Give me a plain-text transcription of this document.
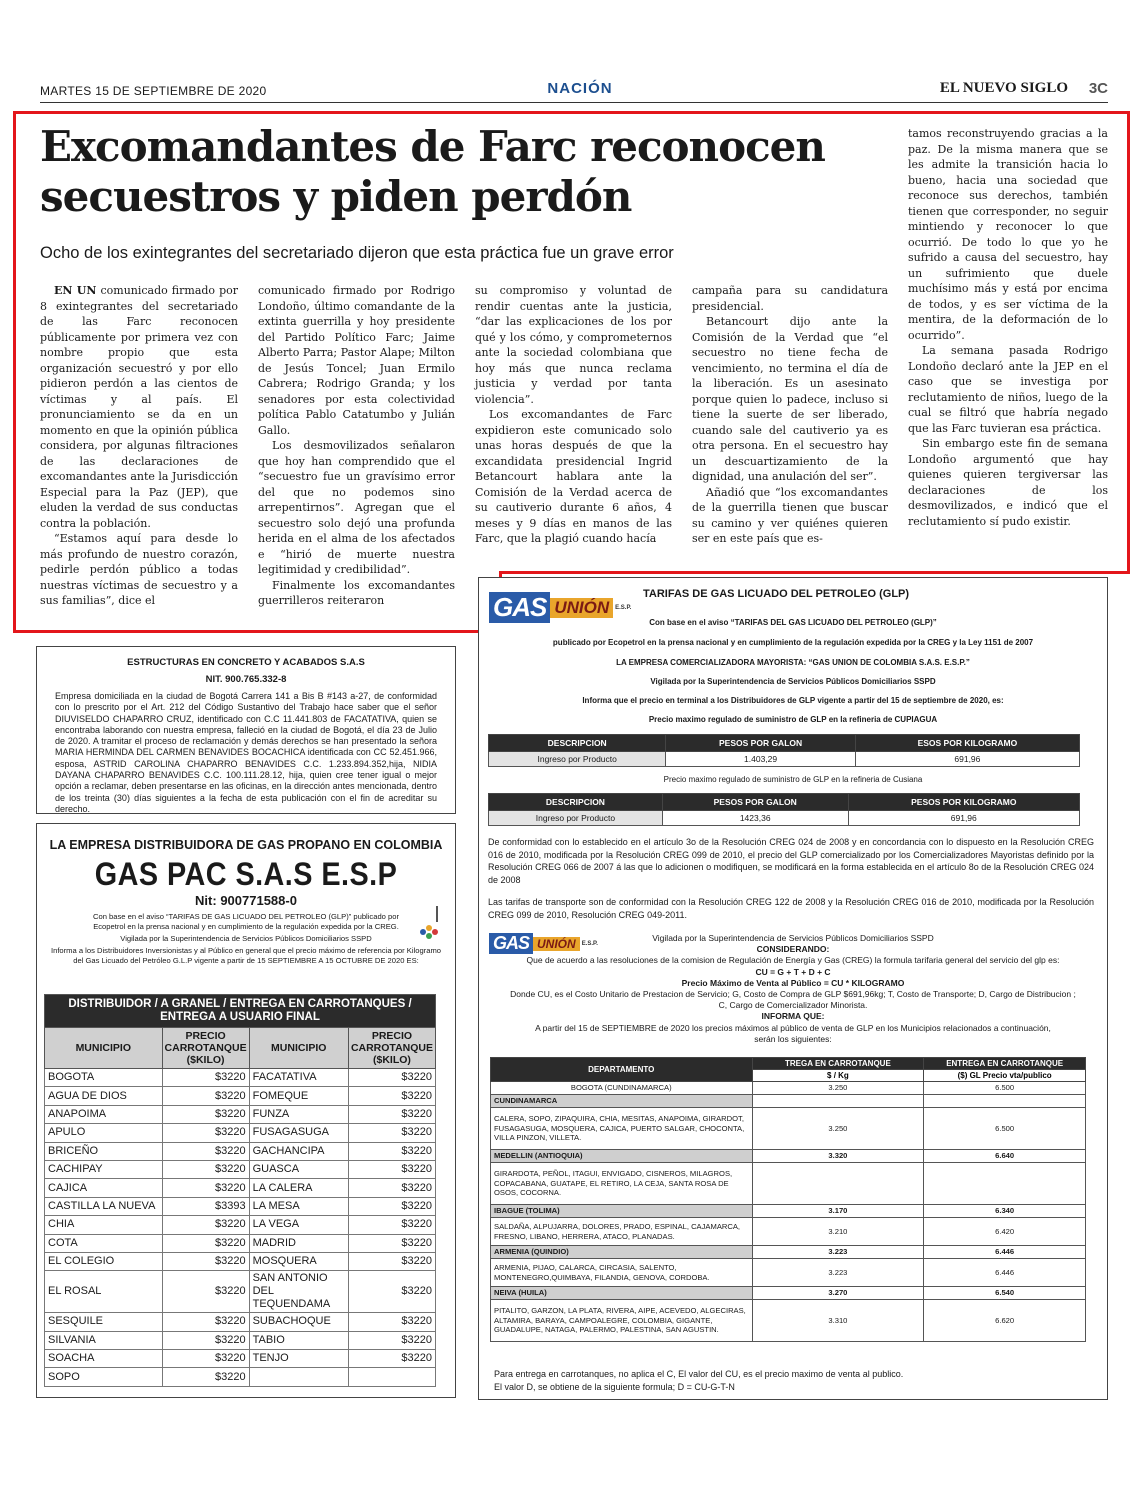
MARTES 15 DE SEPTIEMBRE DE 2020	NACIÓN	EL NUEVO SIGLO 3C
Excomandantes de Farc reconocen secuestros y piden perdón
Ocho de los exintegrantes del secretariado dijeron que esta práctica fue un grave error

EN UN comunicado firmado por 8 exintegrantes del secretariado de las Farc reconocen públicamente por primera vez con nombre propio que esta organización secuestró y por ello pidieron perdón a las cientos de víctimas y al país. El pronunciamiento se da en un momento en que la opinión pública considera, por algunas filtraciones de las declaraciones de excomandantes ante la Jurisdicción Especial para la Paz (JEP), que eluden la verdad de sus conductas contra la población.

“Estamos aquí para desde lo más profundo de nuestro corazón, pedirle perdón público a todas nuestras víctimas de secuestro y a sus familias”, dice el

comunicado firmado por Rodrigo Londoño, último comandante de la extinta guerrilla y hoy presidente del Partido Político Farc; Jaime Alberto Parra; Pastor Alape; Milton de Jesús Toncel; Juan Ermilo Cabrera; Rodrigo Granda; y los senadores por esta colectividad política Pablo Catatumbo y Julián Gallo.

Los desmovilizados señalaron que hoy han comprendido que el “secuestro fue un gravísimo error del que no podemos sino arrepentirnos”. Agregan que el secuestro solo dejó una profunda herida en el alma de los afectados e “hirió de muerte nuestra legitimidad y credibilidad”.

Finalmente los excomandantes guerrilleros reiteraron

su compromiso y voluntad de rendir cuentas ante la justicia, “dar las explicaciones de los por qué y los cómo, y comprometernos ante la sociedad colombiana que hoy más que nunca reclama justicia y verdad por tanta violencia”.

Los excomandantes de Farc expidieron este comunicado solo unas horas después de que la excandidata presidencial Ingrid Betancourt hablara ante la Comisión de la Verdad acerca de su cautiverio durante 6 años, 4 meses y 9 días en manos de las Farc, que la plagió cuando hacía

campaña para su candidatura presidencial.

Betancourt dijo ante la Comisión de la Verdad que “el secuestro no tiene fecha de vencimiento, no termina el día de la liberación. Es un asesinato porque quien lo padece, incluso si tiene la suerte de ser liberado, cuando sale del cautiverio ya es otra persona. En el secuestro hay un descuartizamiento de la dignidad, una anulación del ser”.

Añadió que “los excomandantes de la guerrilla tienen que buscar su camino y ver quiénes quieren ser en este país que es-

tamos reconstruyendo gracias a la paz. De la misma manera que se les admite la transición hacia lo bueno, hacia una sociedad que reconoce sus derechos, también tienen que corresponder, no seguir mintiendo y reconocer lo que ocurrió. De todo lo que yo he sufrido a causa del secuestro, hay un sufrimiento que duele muchísimo más y está por encima de todos, y es ser víctima de la mentira, de la deformación de lo ocurrido”.

La semana pasada Rodrigo Londoño declaró ante la JEP en el caso que se investiga por reclutamiento de niños, luego de la cual se filtró que habría negado que las Farc tuvieran esa práctica.

Sin embargo este fin de semana Londoño argumentó que hay quienes quieren tergiversar las declaraciones de los desmovilizados, e indicó que el reclutamiento sí pudo existir.

ESTRUCTURAS EN CONCRETO Y ACABADOS S.A.S
NIT. 900.765.332-8
Empresa domiciliada en la ciudad de Bogotá Carrera 141 a Bis B #143 a-27, de conformidad con lo prescrito por el Art. 212 del Código Sustantivo del Trabajo hace saber que el señor DIUVISELDO CHAPARRO CRUZ, identificado con C.C 11.441.803 de FACATATIVA, quien se encontraba laborando con nuestra empresa, falleció en la ciudad de Bogotá, el día 23 de Julio de 2020. A tramitar el proceso de reclamación y demás derechos se han presentado la señora MARIA HERMINDA DEL CARMEN BENAVIDES BOCACHICA identificada con CC 52.451.966, esposa, ASTRID CAROLINA CHAPARRO BENAVIDES C.C. 1.233.894.352,hija, NIDIA DAYANA CHAPARRO BENAVIDES C.C. 100.111.28.12, hija, quien cree tener igual o mejor opción a reclamar, deben presentarse en las oficinas, en la dirección antes mencionada, dentro de los treinta (30) días siguientes a la fecha de esta publicación con el fin de acreditar su derecho.
LA EMPRESA DISTRIBUIDORA DE GAS PROPANO EN COLOMBIA
GAS PAC S.A.S E.S.P
Nit: 900771588-0
Con base en el aviso “TARIFAS DE GAS LICUADO DEL PETROLEO (GLP)” publicado por Ecopetrol en la prensa nacional y en cumplimiento de la regulación expedida por la CREG.
Vigilada por la Superintendencia de Servicios Públicos Domiciliarios SSPD
Informa a los Distribuidores Inversionistas y al Público en general que el precio máximo de referencia por Kilogramo del Gas Licuado del Petróleo G.L.P vigente a partir de 15 SEPTIEMBRE A 15 OCTUBRE DE 2020 ES:
DISTRIBUIDOR / A GRANEL / ENTREGA EN CARROTANQUES / ENTREGA A USUARIO FINAL			
MUNICIPIO	PRECIO CARROTANQUE ($KILO)	MUNICIPIO	PRECIO CARROTANQUE ($KILO)
BOGOTA	$3220	FACATATIVA	$3220
AGUA DE DIOS	$3220	FOMEQUE	$3220
ANAPOIMA	$3220	FUNZA	$3220
APULO	$3220	FUSAGASUGA	$3220
BRICEÑO	$3220	GACHANCIPA	$3220
CACHIPAY	$3220	GUASCA	$3220
CAJICA	$3220	LA CALERA	$3220
CASTILLA LA NUEVA	$3393	LA MESA	$3220
CHIA	$3220	LA VEGA	$3220
COTA	$3220	MADRID	$3220
EL COLEGIO	$3220	MOSQUERA	$3220
EL ROSAL	$3220	SAN ANTONIO DEL TEQUENDAMA	$3220
SESQUILE	$3220	SUBACHOQUE	$3220
SILVANIA	$3220	TABIO	$3220
SOACHA	$3220	TENJO	$3220
SOPO	$3220		
GAS UNIÓN	E.S.P.
TARIFAS DE GAS LICUADO DEL PETROLEO (GLP)
Con base en el aviso “TARIFAS DEL GAS LICUADO DEL PETROLEO (GLP)”
publicado por Ecopetrol en la prensa nacional y en cumplimiento de la regulación expedida por la CREG y la Ley 1151 de 2007
LA EMPRESA COMERCIALIZADORA MAYORISTA: “GAS UNION DE COLOMBIA S.A.S. E.S.P.”
Vigilada por la Superintendencia de Servicios Públicos Domiciliarios SSPD
Informa que el precio en terminal a los Distribuidores de GLP vigente a partir del 15 de septiembre de 2020, es:
Precio maximo regulado de suministro de GLP en la refineria de CUPIAGUA
DESCRIPCION	PESOS POR GALON	ESOS POR KILOGRAMO
Ingreso por Producto	1.403,29	691,96
Precio maximo regulado de suministro de GLP en la refineria de Cusiana
DESCRIPCION	PESOS POR GALON	PESOS POR KILOGRAMO
Ingreso por Producto	1423,36	691,96
De conformidad con lo establecido en el artículo 3o de la Resolución CREG 024 de 2008 y en concordancia con lo dispuesto en la Resolución CREG 016 de 2010, modificada por la Resolución CREG 099 de 2010, el precio del GLP comercializado por los Comercializadores Mayoristas definido por la Resolución CREG 066 de 2007 á las que lo adicionen o modifiquen, se modificará en la forma establecida en el artículo 8o de la Resolución CREG 024 de 2008
Las tarifas de transporte son de conformidad con la Resolución CREG 122 de 2008 y la Resolución CREG 016 de 2010, modificada por la Resolución CREG 099 de 2010, Resolución CREG 049-2011.
GAS UNIÓN	E.S.P.
Vigilada por la Superintendencia de Servicios Públicos Domiciliarios SSPD
CONSIDERANDO:
Que de acuerdo a las resoluciones de la comision de Regulación de Energía y Gas (CREG) la formula tarifaria general del servicio del glp es:
CU = G + T + D + C
Precio Máximo de Venta al Público = CU * KILOGRAMO
Donde CU, es el Costo Unitario de Prestacion de Servicio; G, Costo de Compra de GLP $691,96kg; T, Costo de Transporte; D, Cargo de Distribucion ;
C, Cargo de Comercializador Minorista.
INFORMA QUE:
A partir del 15 de SEPTIEMBRE de 2020 los precios máximos al público de venta de GLP en los Municipios relacionados a continuación,
serán los siguientes:
DEPARTAMENTO	TREGA EN CARROTANQUE	ENTREGA EN CARROTANQUE
	$ / Kg	($) GL Precio vta/publico
BOGOTA (CUNDINAMARCA)	3.250	6.500
CUNDINAMARCA		
CALERA, SOPO, ZIPAQUIRA, CHIA, MESITAS, ANAPOIMA, GIRARDOT, FUSAGASUGA, MOSQUERA, CAJICA, PUERTO SALGAR, CHOCONTA, VILLA PINZON, VILLETA.	3.250	6.500
MEDELLIN (ANTIOQUIA)	3.320	6.640
GIRARDOTA, PEÑOL, ITAGUI, ENVIGADO, CISNEROS, MILAGROS, COPACABANA, GUATAPE, EL RETIRO, LA CEJA, SANTA ROSA DE OSOS, COCORNA.		
IBAGUE (TOLIMA)	3.170	6.340
SALDAÑA, ALPUJARRA, DOLORES, PRADO, ESPINAL, CAJAMARCA, FRESNO, LIBANO, HERRERA, ATACO, PLANADAS.	3.210	6.420
ARMENIA (QUINDIO)	3.223	6.446
ARMENIA, PIJAO, CALARCA, CIRCASIA, SALENTO, MONTENEGRO,QUIMBAYA, FILANDIA, GENOVA, CORDOBA.	3.223	6.446
NEIVA (HUILA)	3.270	6.540
PITALITO, GARZON, LA PLATA, RIVERA, AIPE, ACEVEDO, ALGECIRAS, ALTAMIRA, BARAYA, CAMPOALEGRE, COLOMBIA, GIGANTE, GUADALUPE, NATAGA, PALERMO, PALESTINA, SAN AGUSTIN.	3.310	6.620
Para entrega en carrotanques, no aplica el C, El valor del CU, es el precio maximo de venta al publico.
El valor D, se obtiene de la siguiente formula; D = CU-G-T-N
